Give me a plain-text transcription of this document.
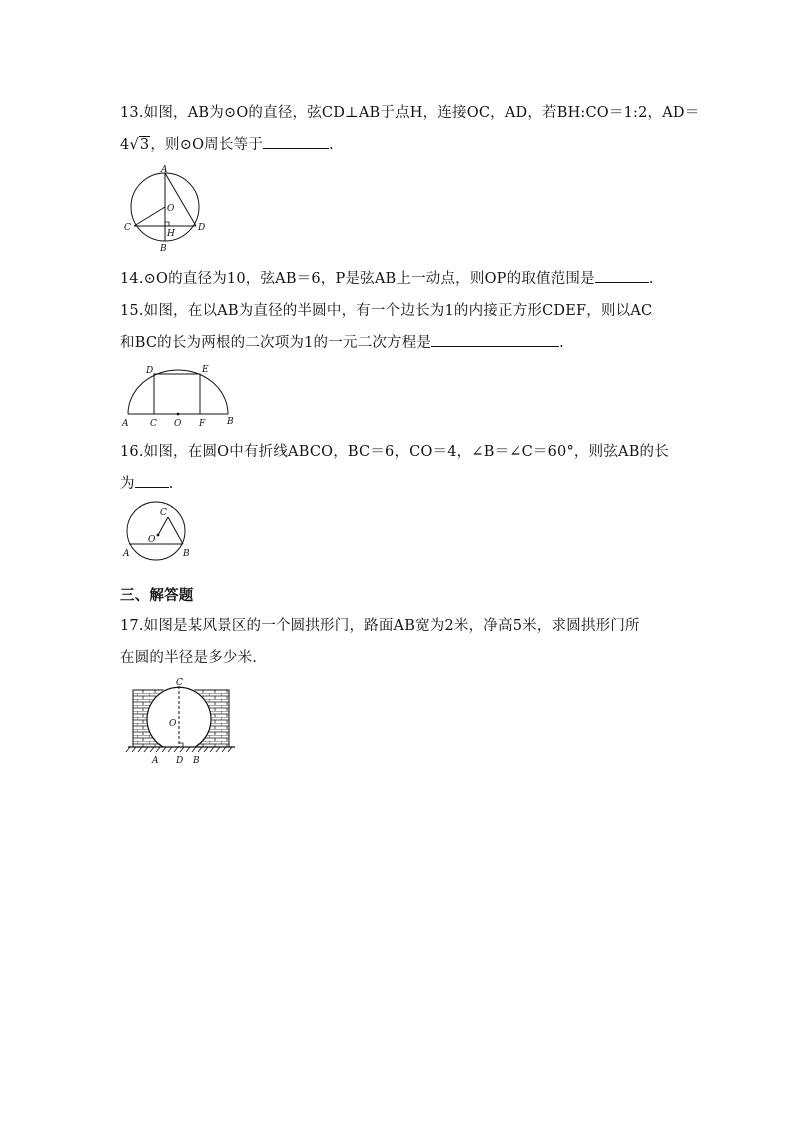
13.如图，AB为⊙O的直径，弦CD⊥AB于点H，连接OC，AD，若BH:CO＝1:2，AD＝
4√3，则⊙O周长等于	.
A
B
C	D
O
H
14.⊙O的直径为10，弦AB＝6，P是弦AB上一动点，则OP的取值范围是	.
15.如图，在以AB为直径的半圆中，有一个边长为1的内接正方形CDEF，则以AC
和BC的长为两根的二次项为1的一元二次方程是	.
A	B
C O F
D	E
16.如图，在圆O中有折线ABCO，BC＝6，CO＝4，∠B＝∠C＝60°，则弦AB的长
为 .
A	B
C
O
三、解答题
17.如图是某风景区的一个圆拱形门，路面AB宽为2米，净高5米，求圆拱形门所
在圆的半径是多少米.
C
O
A D B
